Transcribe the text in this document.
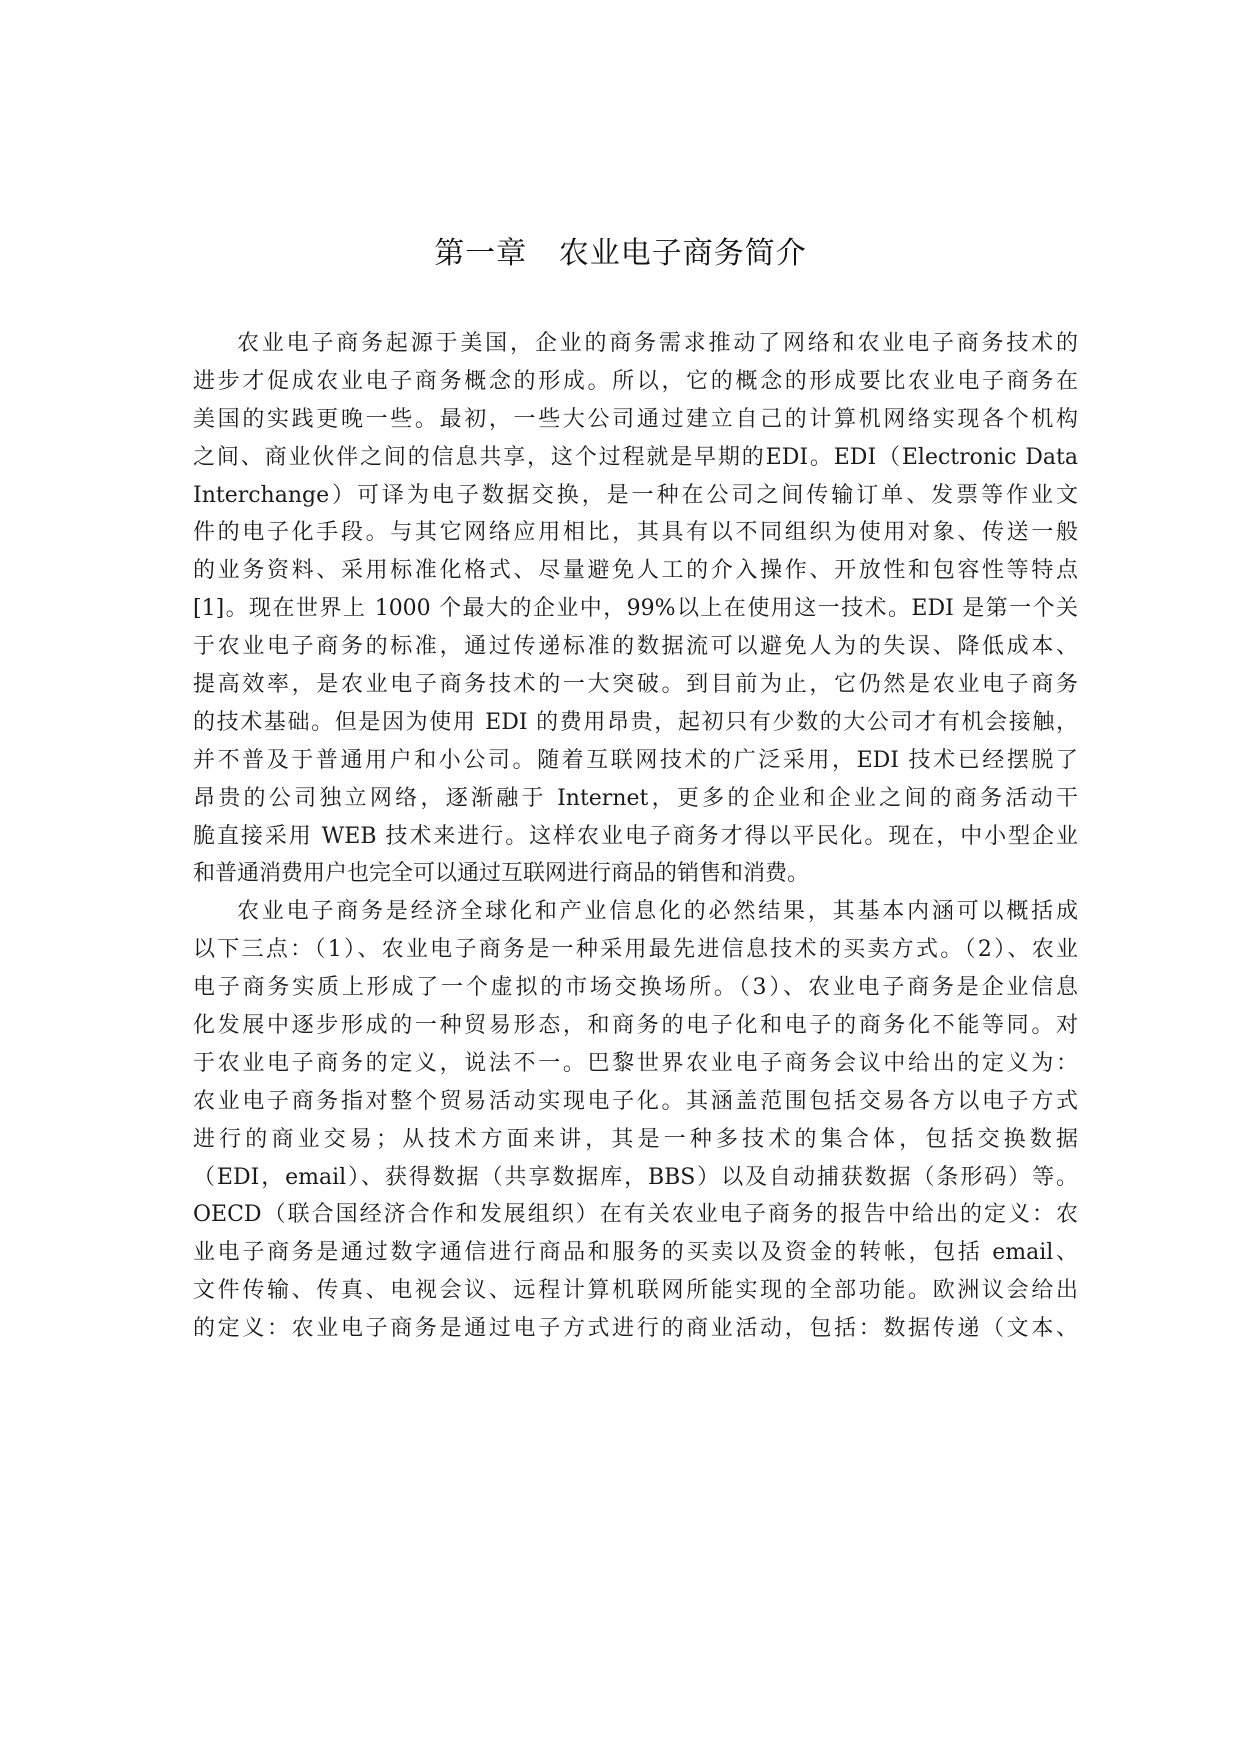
第一章   农业电子商务简介
农业电子商务起源于美国，企业的商务需求推动了网络和农业电子商务技术的
进步才促成农业电子商务概念的形成。所以，它的概念的形成要比农业电子商务在
美国的实践更晚一些。最初，一些大公司通过建立自己的计算机网络实现各个机构
之间、商业伙伴之间的信息共享，这个过程就是早期的EDI。EDI（Electronic Data
Interchange）可译为电子数据交换，是一种在公司之间传输订单、发票等作业文
件的电子化手段。与其它网络应用相比，其具有以不同组织为使用对象、传送一般
的业务资料、采用标准化格式、尽量避免人工的介入操作、开放性和包容性等特点
[1]。现在世界上 1000 个最大的企业中，99%以上在使用这一技术。EDI 是第一个关
于农业电子商务的标准，通过传递标准的数据流可以避免人为的失误、降低成本、
提高效率，是农业电子商务技术的一大突破。到目前为止，它仍然是农业电子商务
的技术基础。但是因为使用 EDI 的费用昂贵，起初只有少数的大公司才有机会接触，
并不普及于普通用户和小公司。随着互联网技术的广泛采用，EDI 技术已经摆脱了
昂贵的公司独立网络，逐渐融于 Internet，更多的企业和企业之间的商务活动干
脆直接采用 WEB 技术来进行。这样农业电子商务才得以平民化。现在，中小型企业
和普通消费用户也完全可以通过互联网进行商品的销售和消费。
农业电子商务是经济全球化和产业信息化的必然结果，其基本内涵可以概括成
以下三点：（1）、农业电子商务是一种采用最先进信息技术的买卖方式。（2）、农业
电子商务实质上形成了一个虚拟的市场交换场所。（3）、农业电子商务是企业信息
化发展中逐步形成的一种贸易形态，和商务的电子化和电子的商务化不能等同。对
于农业电子商务的定义，说法不一。巴黎世界农业电子商务会议中给出的定义为：
农业电子商务指对整个贸易活动实现电子化。其涵盖范围包括交易各方以电子方式
进行的商业交易；从技术方面来讲，其是一种多技术的集合体，包括交换数据
（EDI，email）、获得数据（共享数据库，BBS）以及自动捕获数据（条形码）等。
OECD（联合国经济合作和发展组织）在有关农业电子商务的报告中给出的定义：农
业电子商务是通过数字通信进行商品和服务的买卖以及资金的转帐，包括 email、
文件传输、传真、电视会议、远程计算机联网所能实现的全部功能。欧洲议会给出
的定义：农业电子商务是通过电子方式进行的商业活动，包括：数据传递（文本、
